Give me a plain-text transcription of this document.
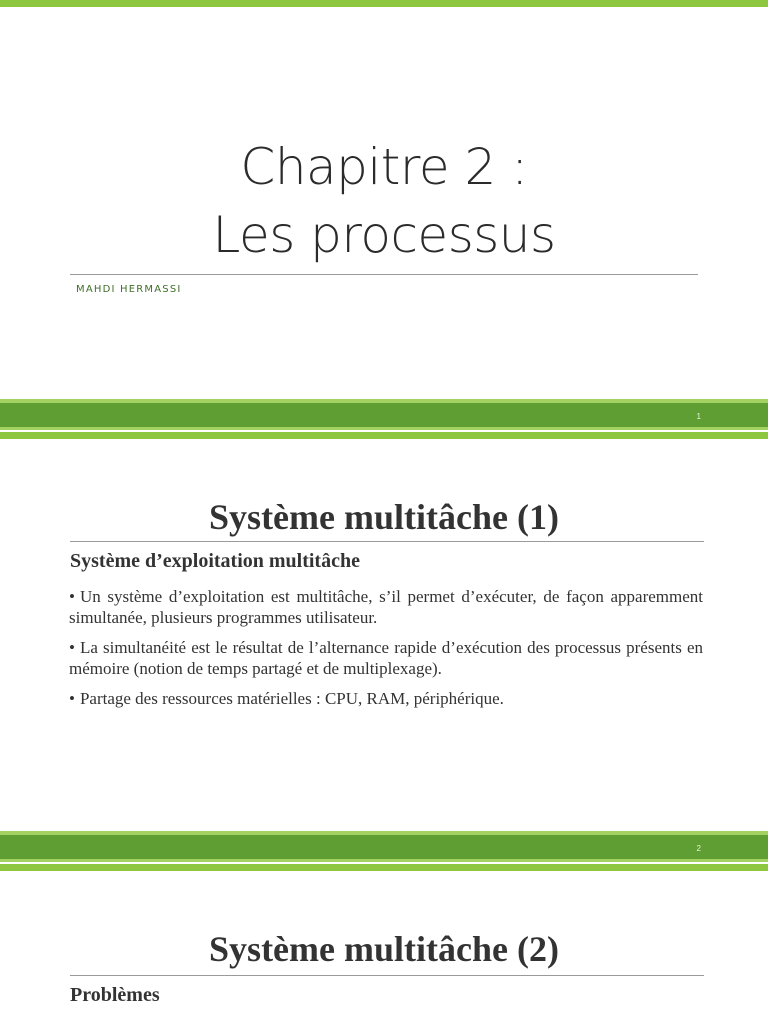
Chapitre 2 :
Les processus
MAHDI HERMASSI
1
Système multitâche (1)
Système d’exploitation multitâche
• Un système d’exploitation est multitâche, s’il permet d’exécuter, de façon apparemment simultanée, plusieurs programmes utilisateur.
• La simultanéité est le résultat de l’alternance rapide d’exécution des processus présents en mémoire (notion de temps partagé et de multiplexage).
• Partage des ressources matérielles : CPU, RAM, périphérique.
2
Système multitâche (2)
Problèmes
